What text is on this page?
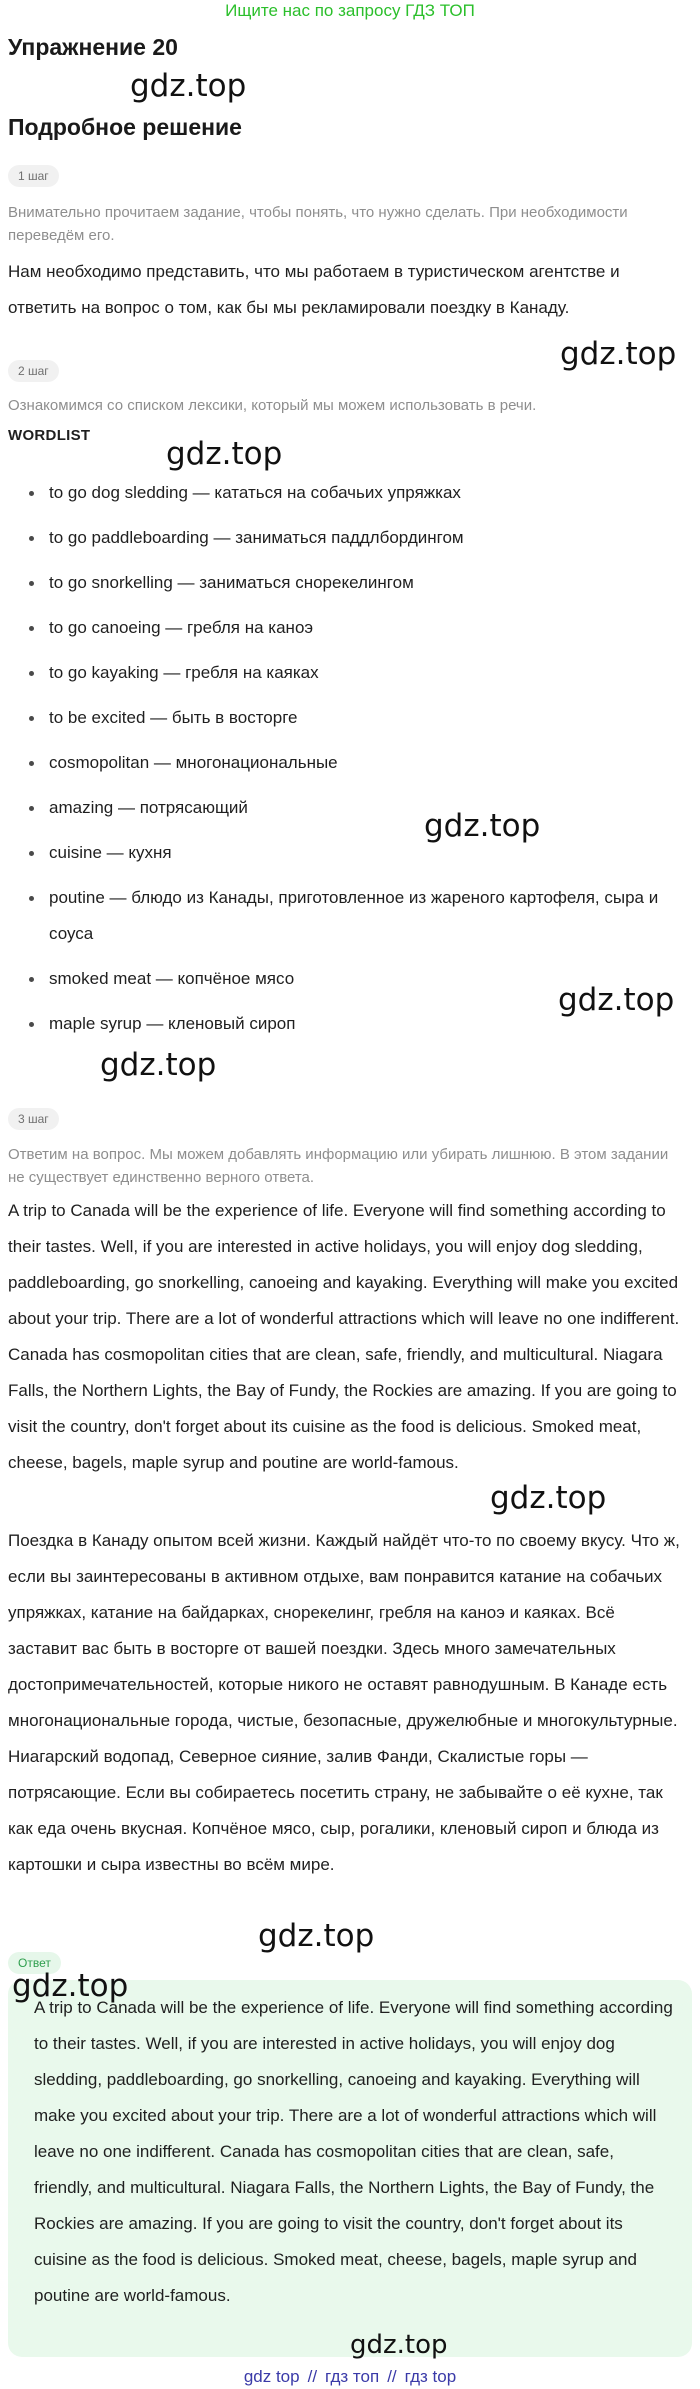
Ищите нас по запросу ГДЗ ТОП
Упражнение 20
gdz.top
Подробное решение
1 шаг
Внимательно прочитаем задание, чтобы понять, что нужно сделать. При необходимости переведём его.
Нам необходимо представить, что мы работаем в туристическом агентстве и ответить на вопрос о том, как бы мы рекламировали поездку в Канаду.
gdz.top
2 шаг
Ознакомимся со списком лексики, который мы можем использовать в речи.
WORDLIST
gdz.top
to go dog sledding — кататься на собачьих упряжках
to go paddleboarding — заниматься паддлбордингом
to go snorkelling — заниматься снорекелингом
to go canoeing — гребля на каноэ
to go kayaking — гребля на каяках
to be excited — быть в восторге
cosmopolitan — многонациональные
amazing — потрясающий
cuisine — кухня
poutine — блюдо из Канады, приготовленное из жареного картофеля, сыра и соуса
smoked meat — копчёное мясо
maple syrup — кленовый сироп
gdz.top
gdz.top
gdz.top
3 шаг
Ответим на вопрос. Мы можем добавлять информацию или убирать лишнюю. В этом задании не существует единственно верного ответа.
A trip to Canada will be the experience of life. Everyone will find something according to their tastes. Well, if you are interested in active holidays, you will enjoy dog sledding, paddleboarding, go snorkelling, canoeing and kayaking. Everything will make you excited about your trip. There are a lot of wonderful attractions which will leave no one indifferent. Canada has cosmopolitan cities that are clean, safe, friendly, and multicultural. Niagara Falls, the Northern Lights, the Bay of Fundy, the Rockies are amazing. If you are going to visit the country, don't forget about its cuisine as the food is delicious. Smoked meat, cheese, bagels, maple syrup and poutine are world-famous.
gdz.top
Поездка в Канаду опытом всей жизни. Каждый найдёт что-то по своему вкусу. Что ж, если вы заинтересованы в активном отдыхе, вам понравится катание на собачьих упряжках, катание на байдарках, снорекелинг, гребля на каноэ и каяках. Всё заставит вас быть в восторге от вашей поездки. Здесь много замечательных достопримечательностей, которые никого не оставят равнодушным. В Канаде есть многонациональные города, чистые, безопасные, дружелюбные и многокультурные. Ниагарский водопад, Северное сияние, залив Фанди, Скалистые горы — потрясающие. Если вы собираетесь посетить страну, не забывайте о её кухне, так как еда очень вкусная. Копчёное мясо, сыр, рогалики, кленовый сироп и блюда из картошки и сыра известны во всём мире.
gdz.top
Ответ
A trip to Canada will be the experience of life. Everyone will find something according to their tastes. Well, if you are interested in active holidays, you will enjoy dog sledding, paddleboarding, go snorkelling, canoeing and kayaking. Everything will make you excited about your trip. There are a lot of wonderful attractions which will leave no one indifferent. Canada has cosmopolitan cities that are clean, safe, friendly, and multicultural. Niagara Falls, the Northern Lights, the Bay of Fundy, the Rockies are amazing. If you are going to visit the country, don't forget about its cuisine as the food is delicious. Smoked meat, cheese, bagels, maple syrup and poutine are world-famous.
gdz.top
gdz.top
gdz top // гдз топ // гдз top
